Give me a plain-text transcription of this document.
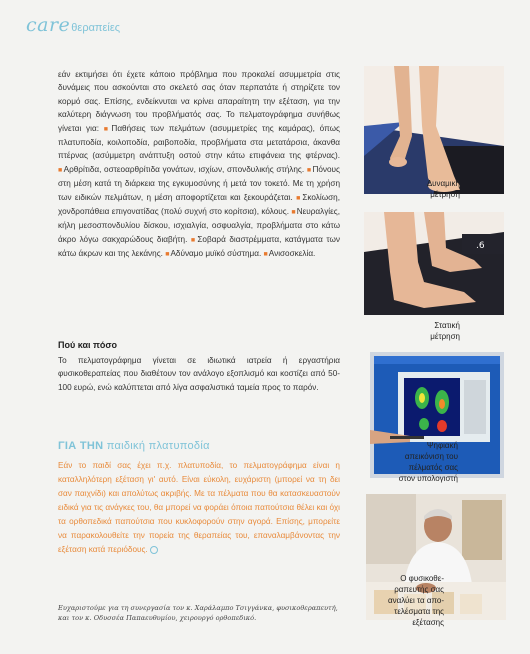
care θεραπείες
εάν εκτιμήσει ότι έχετε κάποιο πρόβλημα που προκαλεί ασυμμετρία στις δυνάμεις που ασκούνται στο σκελετό σας όταν περπατάτε ή στηρίζετε τον κορμό σας. Επίσης, ενδείκνυται να κρίνει απαραίτητη την εξέταση, για την καλύτερη διάγνωση του προβλήματός σας. Το πελματογράφημα συνήθως γίνεται για: ■Παθήσεις των πελμάτων (ασυμμετρίες της καμάρας), όπως πλατυποδία, κοιλοποδία, ραιβοποδία, προβλήματα στα μετατάρσια, άκανθα πτέρνας (ασύμμετρη ανάπτυξη οστού στην κάτω επιφάνεια της φτέρνας). ■Αρθρίτιδα, οστεοαρθρίτιδα γονάτων, ισχίων, σπονδυλικής στήλης. ■Πόνους στη μέση κατά τη διάρκεια της εγκυμοσύνης ή μετά τον τοκετό. Με τη χρήση των ειδικών πελμάτων, η μέση αποφορτίζεται και ξεκουράζεται. ■Σκολίωση, χονδροπάθεια επιγονατίδας (πολύ συχνή στο κορίτσια), κόλους. ■Νευραλγίες, κήλη μεσοσπονδυλίου δίσκου, ισχιαλγία, οσφυαλγία, προβλήματα στο κάτω άκρο λόγω σακχαρώδους διαβήτη. ■Σοβαρά διαστρέμματα, κατάγματα των κάτω άκρων και της λεκάνης. ■Αδύναμο μυϊκό σύστημα. ■Ανισοσκελία.
Πού και πόσο
Το πελματογράφημα γίνεται σε ιδιωτικά ιατρεία ή εργαστήρια φυσικοθεραπείας που διαθέτουν τον ανάλογο εξοπλισμό και κοστίζει από 50-100 ευρώ, ενώ καλύπτεται από λίγα ασφαλιστικά ταμεία προς το παρόν.
ΓΙΑ ΤΗΝ παιδική πλατυποδία
Εάν το παιδί σας έχει π.χ. πλατυποδία, το πελματογράφημα είναι η καταλληλότερη εξέταση γι' αυτό. Είναι εύκολη, ευχάριστη (μπορεί να τη δει σαν παιχνίδι) και απολύτως ακριβής. Με τα πέλματα που θα κατασκευαστούν ειδικά για τις ανάγκες του, θα μπορεί να φοράει όποια παπούτσια θέλει και όχι τα ορθοπεδικά παπούτσια που κυκλοφορούν στην αγορά. Επίσης, μπορείτε να παρακολουθείτε την πορεία της θεραπείας του, επαναλαμβάνοντας την εξέταση κατά περιόδους.
Ευχαριστούμε για τη συνεργασία τον κ. Χαράλαμπο Τσιγγάνκα, φυσικοθεραπευτή, και τον κ. Οδυσσέα Παπαευθυμίου, χειρουργό ορθοπεδικό.
Δυναμική
μέτρηση
.6
Στατική
μέτρηση
Ψηφιακή
απεικόνιση του
πέλματός σας
στον υπολογιστή
Ο φυσικοθε-
ραπευτής σας
αναλύει τα απο-
τελέσματα της
εξέτασης
